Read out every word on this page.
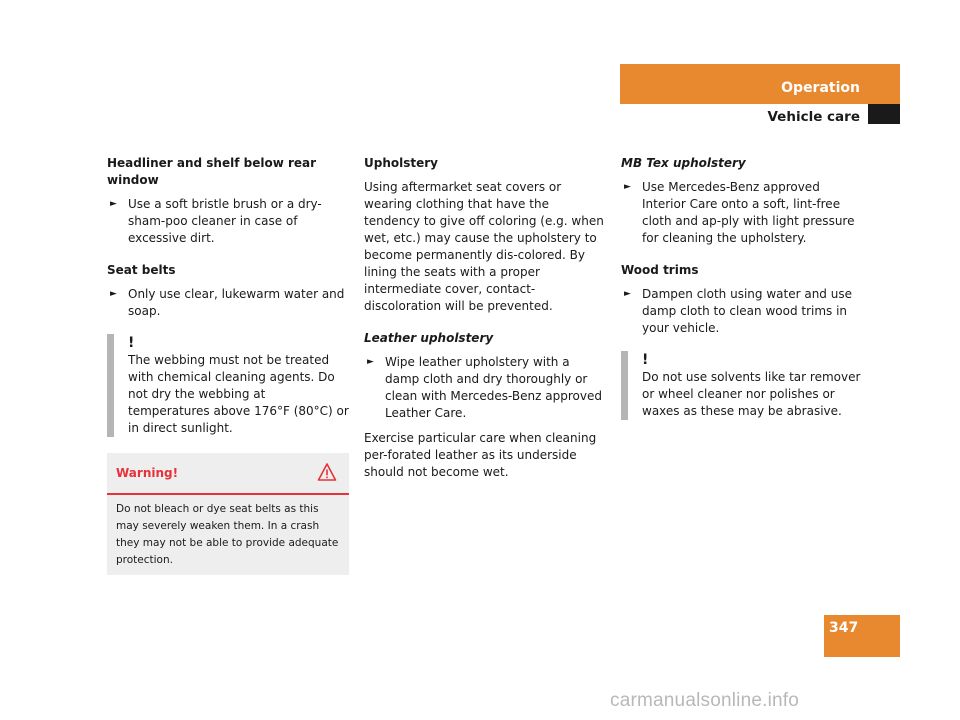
Operation
Vehicle care

Headliner and shelf below rear window

► Use a soft bristle brush or a dry-sham-poo cleaner in case of excessive dirt.

Seat belts

► Only use clear, lukewarm water and soap.
!
The webbing must not be treated with chemical cleaning agents. Do not dry the webbing at temperatures above 176°F (80°C) or in direct sunlight.
Warning!
Do not bleach or dye seat belts as this may severely weaken them. In a crash they may not be able to provide adequate protection.

Upholstery

Using aftermarket seat covers or wearing clothing that have the tendency to give off coloring (e.g. when wet, etc.) may cause the upholstery to become permanently dis-colored. By lining the seats with a proper intermediate cover, contact-discoloration will be prevented.

Leather upholstery

► Wipe leather upholstery with a damp cloth and dry thoroughly or clean with Mercedes-Benz approved Leather Care.

Exercise particular care when cleaning per-forated leather as its underside should not become wet.

MB Tex upholstery

► Use Mercedes-Benz approved Interior Care onto a soft, lint-free cloth and ap-ply with light pressure for cleaning the upholstery.

Wood trims

► Dampen cloth using water and use damp cloth to clean wood trims in your vehicle.
!
Do not use solvents like tar remover or wheel cleaner nor polishes or waxes as these may be abrasive.
347
carmanualsonline.info
